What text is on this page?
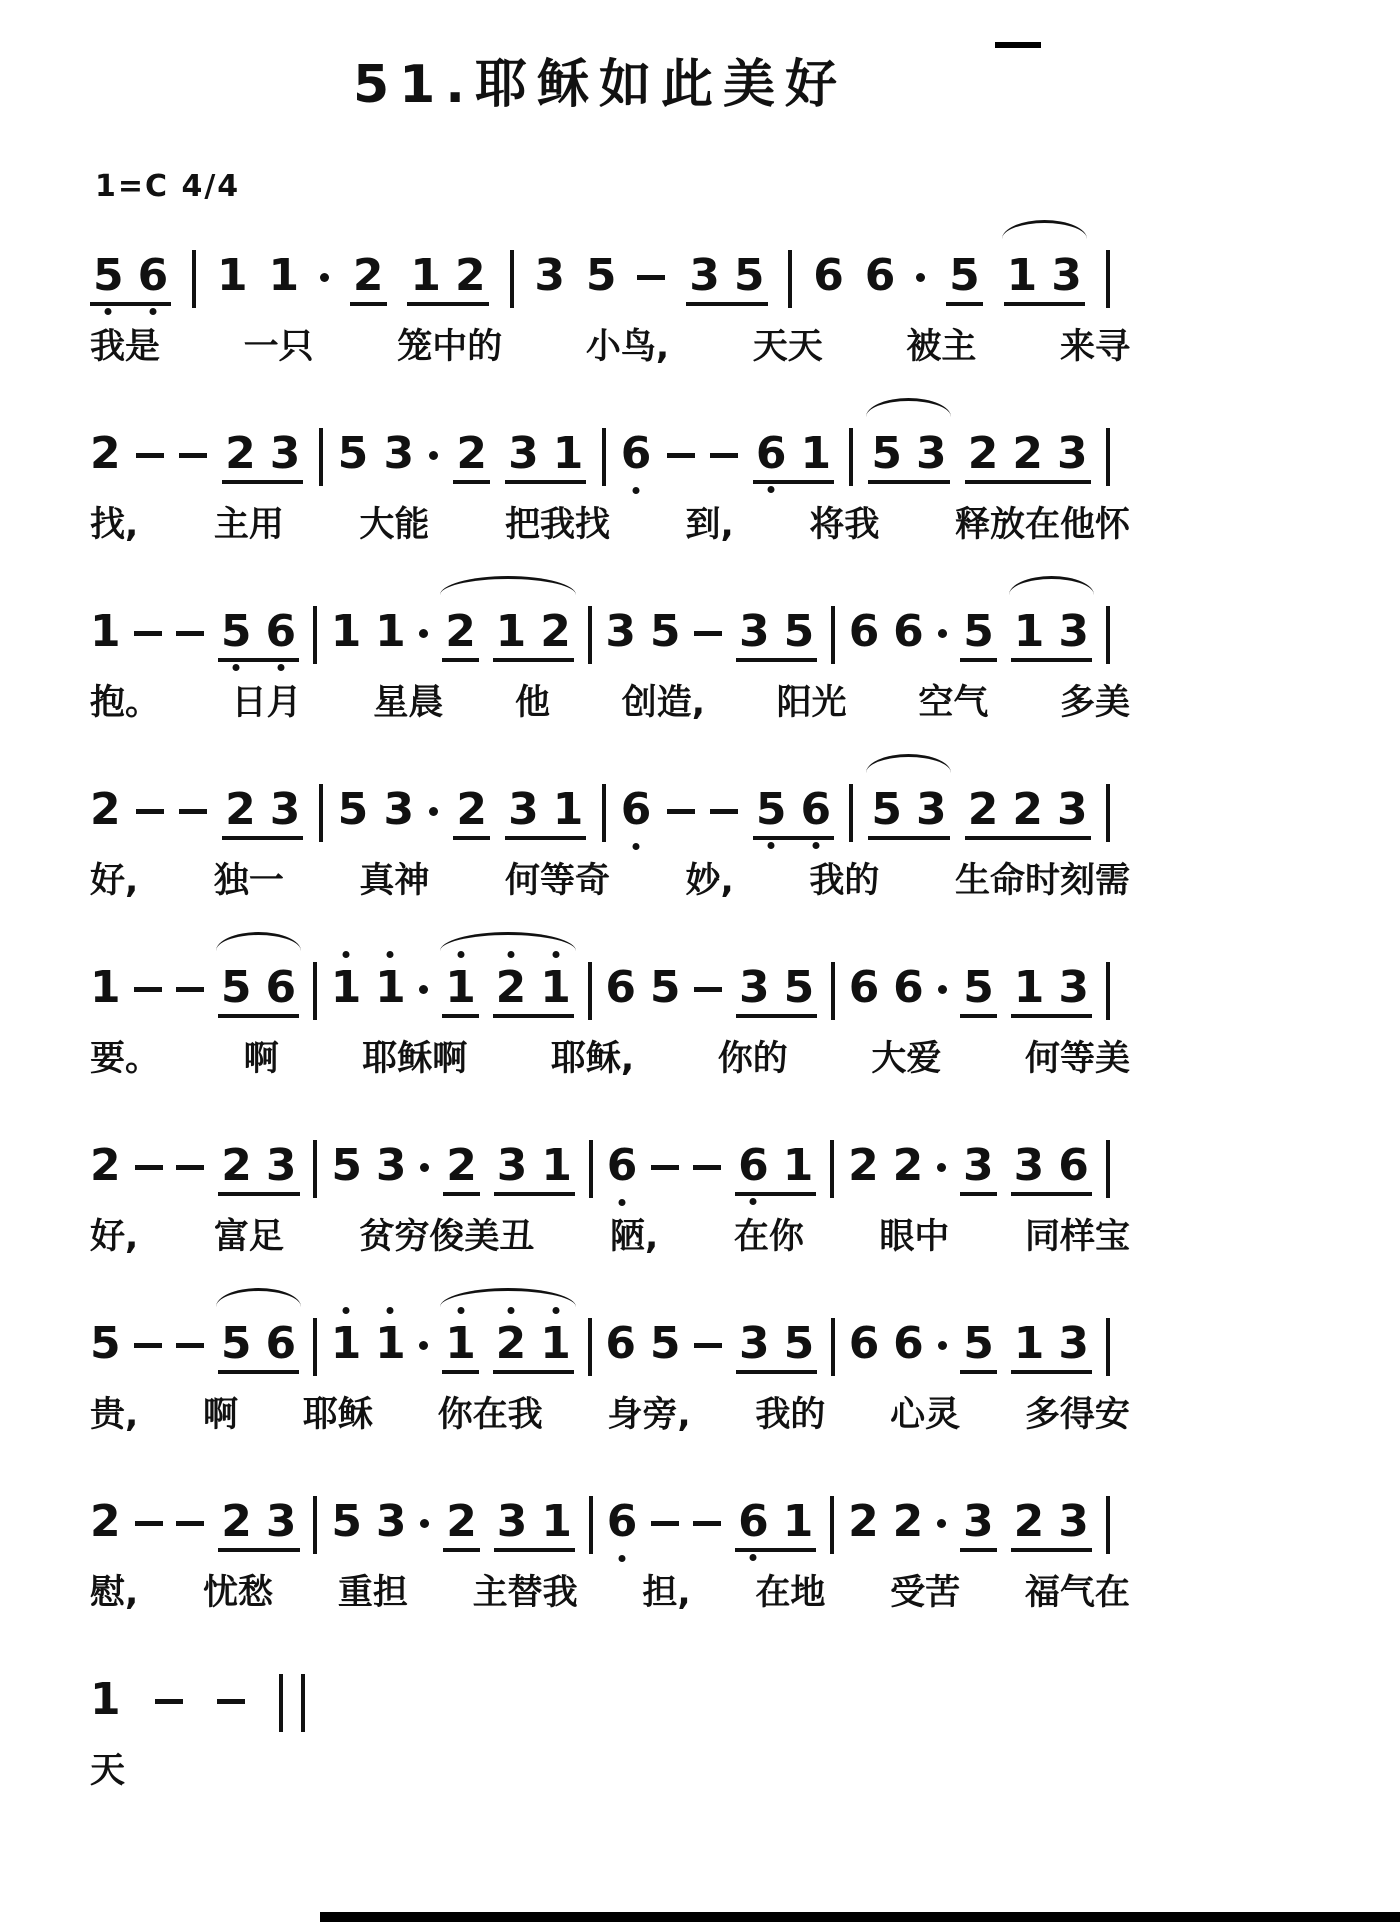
51.耶稣如此美好
1=C 4/4
5 6 1 1 2 1 2 3 5 3 5 6 6 5 1 3
我是 一只 笼中的 小鸟, 天天 被主 来寻
2 2 3 5 3 2 3 1 6 6 1 5 3 2 2 3
找, 主用 大能 把我找 到, 将我 释放在他怀
1 5 6 1 1 2 1 2 3 5 3 5 6 6 5 1 3
抱。 日月 星晨 他 创造, 阳光 空气 多美
2 2 3 5 3 2 3 1 6 5 6 5 3 2 2 3
好, 独一 真神 何等奇 妙, 我的 生命时刻需
1 5 6 1 1 1 2 1 6 5 3 5 6 6 5 1 3
要。 啊 耶稣啊 耶稣, 你的 大爱 何等美
2 2 3 5 3 2 3 1 6 6 1 2 2 3 3 6
好, 富足 贫穷俊美丑 陋, 在你 眼中 同样宝
5 5 6 1 1 1 2 1 6 5 3 5 6 6 5 1 3
贵, 啊 耶稣 你在我 身旁, 我的 心灵 多得安
2 2 3 5 3 2 3 1 6 6 1 2 2 3 2 3
慰, 忧愁 重担 主替我 担, 在地 受苦 福气在
1
天
